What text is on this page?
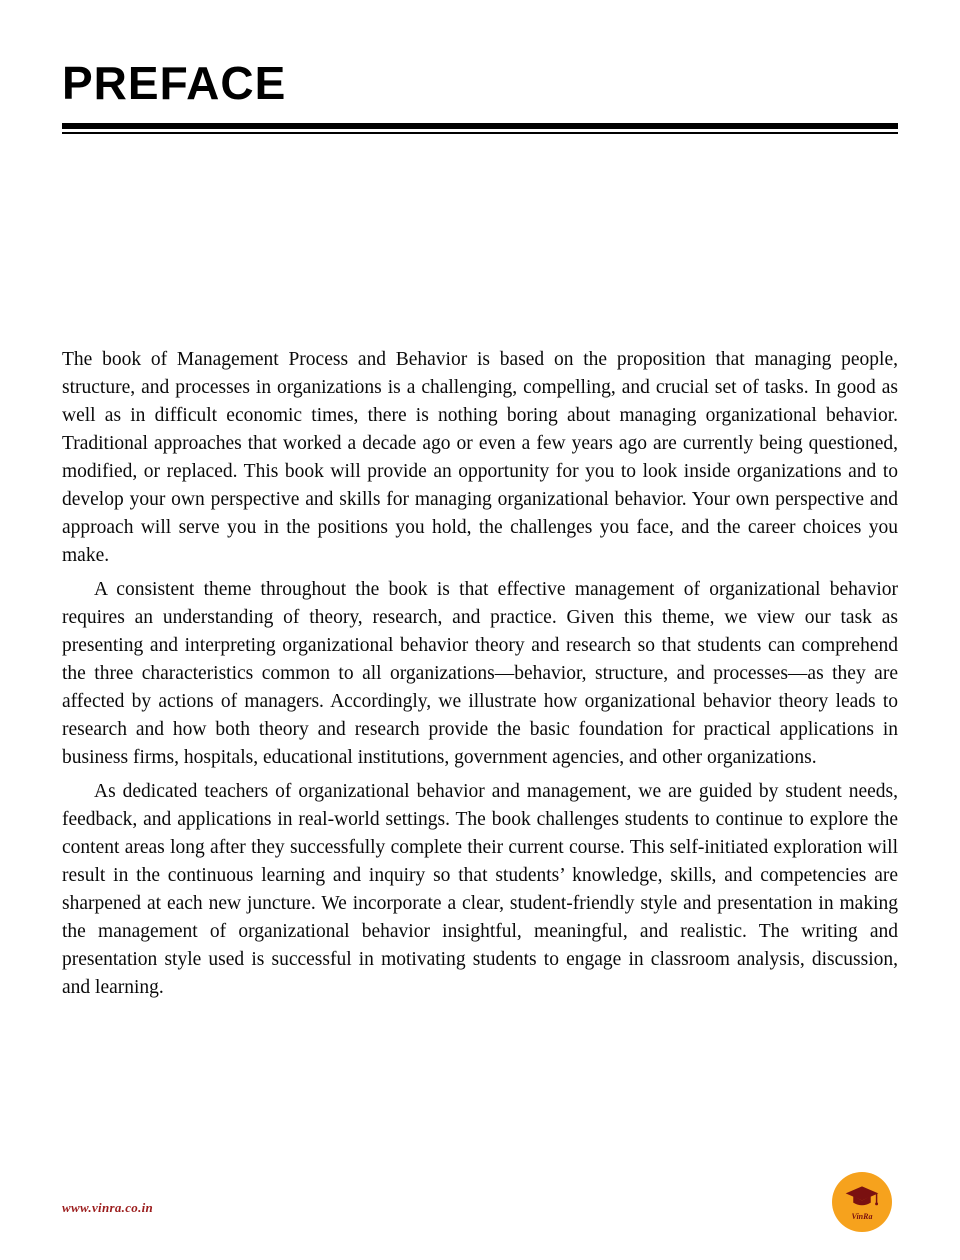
PREFACE

The book of Management Process and Behavior is based on the proposition that managing people, structure, and processes in organizations is a challenging, compelling, and crucial set of tasks. In good as well as in difficult economic times, there is nothing boring about managing organizational behavior. Traditional approaches that worked a decade ago or even a few years ago are currently being questioned, modified, or replaced. This book will provide an opportunity for you to look inside organizations and to develop your own perspective and skills for managing organizational behavior. Your own perspective and approach will serve you in the positions you hold, the challenges you face, and the career choices you make.

A consistent theme throughout the book is that effective management of organizational behavior requires an understanding of theory, research, and practice. Given this theme, we view our task as presenting and interpreting organizational behavior theory and research so that students can comprehend the three characteristics common to all organizations—behavior, structure, and processes—as they are affected by actions of managers. Accordingly, we illustrate how organizational behavior theory leads to research and how both theory and research provide the basic foundation for practical applications in business firms, hospitals, educational institutions, government agencies, and other organizations.

As dedicated teachers of organizational behavior and management, we are guided by student needs, feedback, and applications in real-world settings. The book challenges students to continue to explore the content areas long after they successfully complete their current course. This self-initiated exploration will result in the continuous learning and inquiry so that students’ knowledge, skills, and competencies are sharpened at each new juncture. We incorporate a clear, student-friendly style and presentation in making the management of organizational behavior insightful, meaningful, and realistic. The writing and presentation style used is successful in motivating students to engage in classroom analysis, discussion, and learning.

www.vinra.co.in
VinRa
